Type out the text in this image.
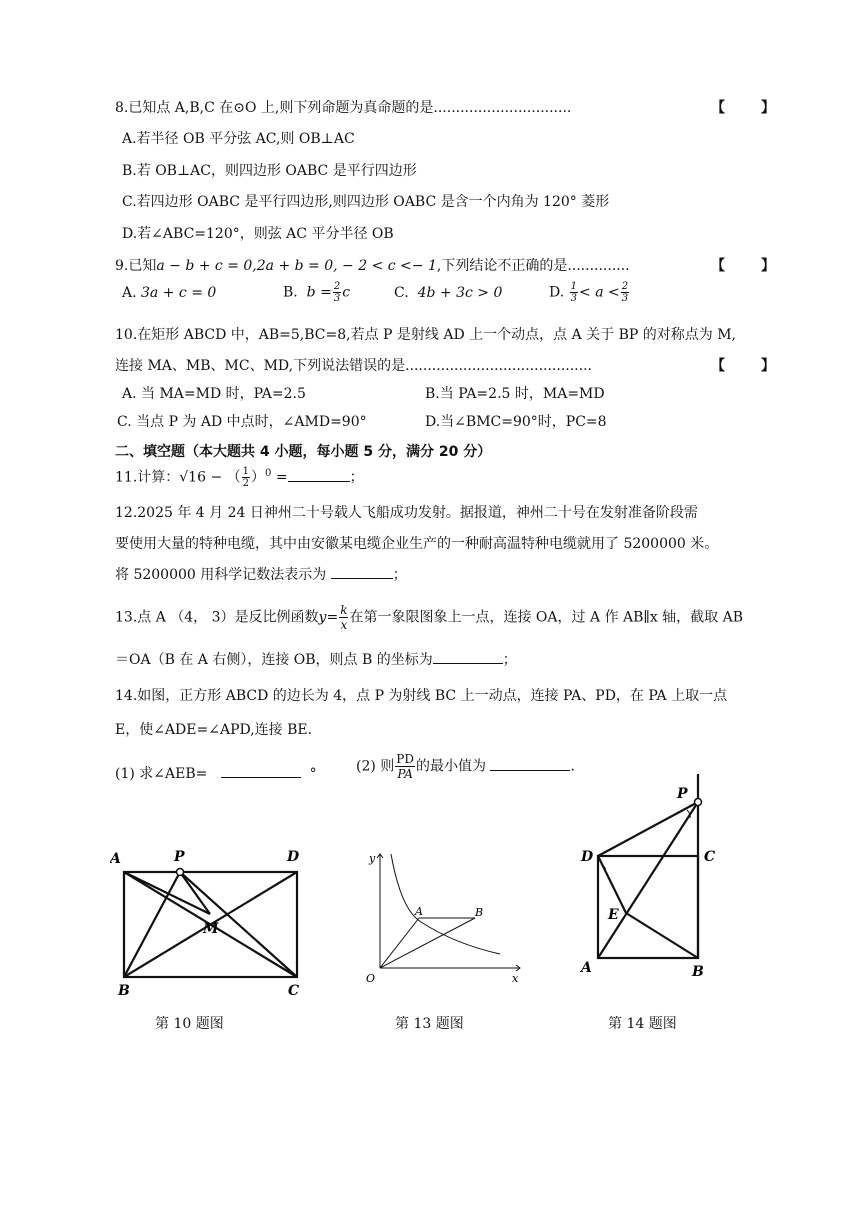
8.已知点 A,B,C 在⊙O 上,则下列命题为真命题的是...............................	【	】
A.若半径 OB 平分弦 AC,则 OB⊥AC
B.若 OB⊥AC，则四边形 OABC 是平行四边形
C.若四边形 OABC 是平行四边形,则四边形 OABC 是含一个内角为 120° 菱形
D.若∠ABC=120°，则弦 AC 平分半径 OB
9.已知a − b + c = 0,2a + b = 0, − 2 < c <− 1,下列结论不正确的是..............	【	】
A. 3a + c = 0	B. $b = \frac{2}{3}$ c	C. 4b + 3c > 0	D. $\frac{1}{3} < a < \frac{2}{3}$
10.在矩形 ABCD 中，AB=5,BC=8,若点 P 是射线 AD 上一个动点，点 A 关于 BP 的对称点为 M,
连接 MA、MB、MC、MD,下列说法错误的是..........................................	【	】
A. 当 MA=MD 时，PA=2.5	B.当 PA=2.5 时，MA=MD
C. 当点 P 为 AD 中点时，∠AMD=90°	D.当∠BMC=90°时，PC=8
二、填空题（本大题共 4 小题，每小题 5 分，满分 20 分）
11.计算：√16 − （ $\frac{1}{2} )^0$ =	；
12.2025 年 4 月 24 日神州二十号载人飞船成功发射。据报道，神州二十号在发射准备阶段需
要使用大量的特种电缆，其中由安徽某电缆企业生产的一种耐高温特种电缆就用了 5200000 米。
将 5200000 用科学记数法表示为	；
13.点 A （4， 3）是反比例函数$y= \frac{k}{x}$ 在第一象限图象上一点，连接 OA，过 A 作 AB∥x 轴，截取 AB
＝OA（B 在 A 右侧），连接 OB，则点 B 的坐标为	；
14.如图，正方形 ABCD 的边长为 4，点 P 为射线 BC 上一动点，连接 PA、PD，在 PA 上取一点
E，使∠ADE=∠APD,连接 BE.
(1) 求∠AEB=	°	(2) 则 $\frac{PD}{PA}$ 的最小值为	.
A	P	D
M
B	C
第 10 题图
y
A	B
O	x
第 13 题图
P
D	C
E
A	B
第 14 题图
